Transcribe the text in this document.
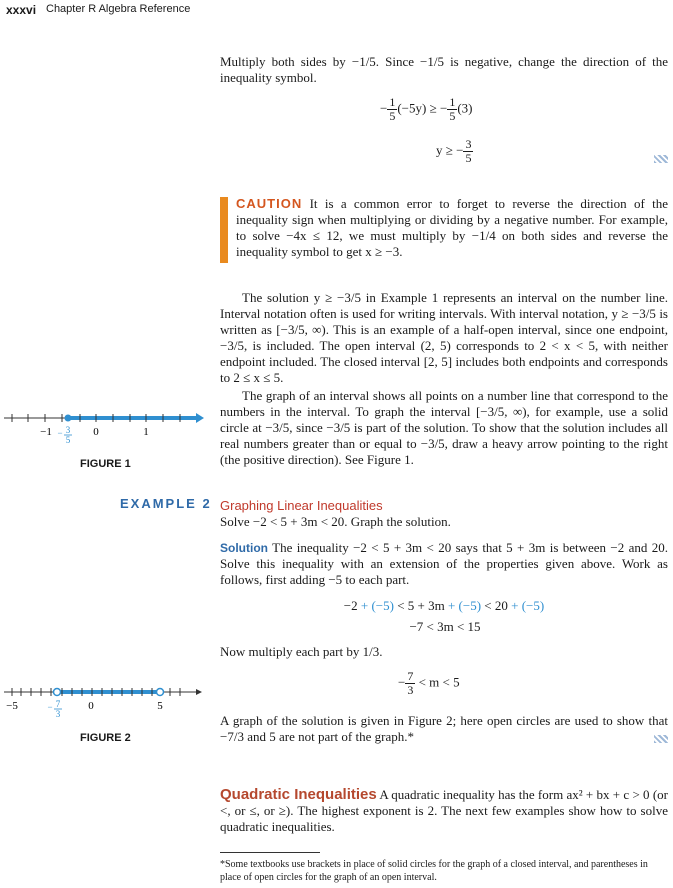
xxxvi Chapter R Algebra Reference
Multiply both sides by −1/5. Since −1/5 is negative, change the direction of the inequality symbol.
− $\frac{1}{5} (-5y)$ ≥ − $\frac{1}{5} (3)$
y ≥ − $\frac{3}{5}$
CAUTION It is a common error to forget to reverse the direction of the inequality sign when multiplying or dividing by a negative number. For example, to solve −4x ≤ 12, we must multiply by −1/4 on both sides and reverse the inequality symbol to get x ≥ −3.
The solution y ≥ −3/5 in Example 1 represents an interval on the number line. Interval notation often is used for writing intervals. With interval notation, y ≥ −3/5 is written as [−3/5, ∞). This is an example of a half-open interval, since one endpoint, −3/5, is included. The open interval (2, 5) corresponds to 2 < x < 5, with neither endpoint included. The closed interval [2, 5] includes both endpoints and corresponds to 2 ≤ x ≤ 5.
The graph of an interval shows all points on a number line that correspond to the numbers in the interval. To graph the interval [−3/5, ∞), for example, use a solid circle at −3/5, since −3/5 is part of the solution. To show that the solution includes all real numbers greater than or equal to −3/5, draw a heavy arrow pointing to the right (the positive direction). See Figure 1.
−1	0	1
− 3
5
FIGURE 1
EXAMPLE 2 Graphing Linear Inequalities
Solve −2 < 5 + 3m < 20. Graph the solution.
Solution The inequality −2 < 5 + 3m < 20 says that 5 + 3m is between −2 and 20. Solve this inequality with an extension of the properties given above. Work as follows, first adding −5 to each part.
−2 + (−5) < 5 + 3m + (−5) < 20 + (−5)
−7 < 3m < 15
Now multiply each part by 1/3.
− $\frac{7}{3} < m < 5$
−5	0	5
− 7
3
FIGURE 2
A graph of the solution is given in Figure 2; here open circles are used to show that −7/3 and 5 are not part of the graph.*
Quadratic Inequalities A quadratic inequality has the form ax² + bx + c > 0 (or <, or ≤, or ≥). The highest exponent is 2. The next few examples show how to solve quadratic inequalities.
*Some textbooks use brackets in place of solid circles for the graph of a closed interval, and parentheses in place of open circles for the graph of an open interval.
